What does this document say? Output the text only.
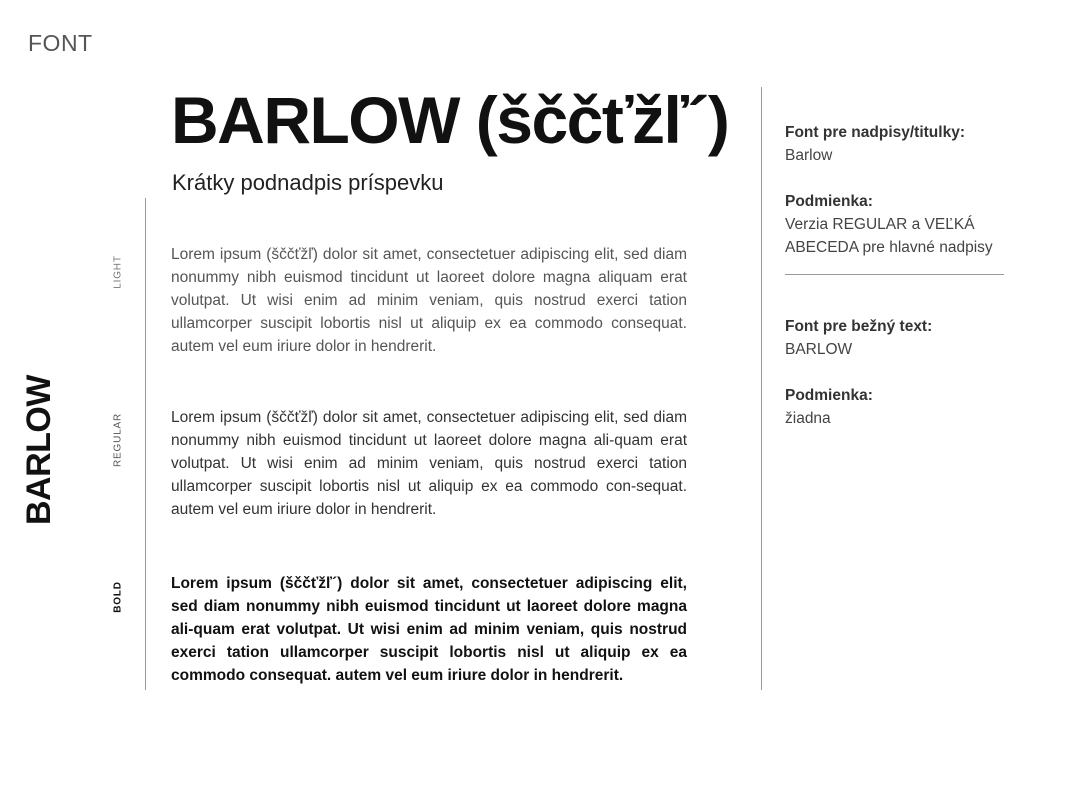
FONT
BARLOW
LIGHT
REGULAR
BOLD
BARLOW (šččťžľ´)
Krátky podnadpis príspevku

Lorem ipsum (šččťžľ) dolor sit amet, consectetuer adipiscing elit, sed diam nonummy nibh euismod tincidunt ut laoreet dolore magna aliquam erat volutpat. Ut wisi enim ad minim veniam, quis nostrud exerci tation ullamcorper suscipit lobortis nisl ut aliquip ex ea commodo consequat. autem vel eum iriure dolor in hendrerit.

Lorem ipsum (šččťžľ) dolor sit amet, consectetuer adipiscing elit, sed diam nonummy nibh euismod tincidunt ut laoreet dolore magna ali-quam erat volutpat. Ut wisi enim ad minim veniam, quis nostrud exerci tation ullamcorper suscipit lobortis nisl ut aliquip ex ea commodo con-sequat. autem vel eum iriure dolor in hendrerit.

Lorem ipsum (šččťžľ´) dolor sit amet, consectetuer adipiscing elit, sed diam nonummy nibh euismod tincidunt ut laoreet dolore magna ali-quam erat volutpat. Ut wisi enim ad minim veniam, quis nostrud exerci tation ullamcorper suscipit lobortis nisl ut aliquip ex ea commodo consequat. autem vel eum iriure dolor in hendrerit.

Font pre nadpisy/titulky:
Barlow
Podmienka:
Verzia REGULAR a VEĽKÁ ABECEDA pre hlavné nadpisy
Font pre bežný text:
BARLOW
Podmienka:
žiadna
